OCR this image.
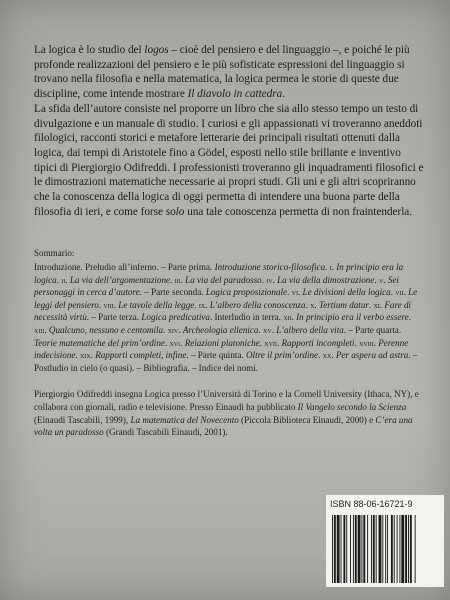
La logica è lo studio del logos – cioè del pensiero e del linguaggio –, e poiché le più profonde realizzazioni del pensiero e le più sofisticate espressioni del linguaggio si trovano nella filosofia e nella matematica, la logica permea le storie di queste due discipline, come intende mostrare Il diavolo in cattedra.

La sfida dell’autore consiste nel proporre un libro che sia allo stesso tempo un testo di divulgazione e un manuale di studio. I curiosi e gli appassionati vi troveranno aneddoti filologici, racconti storici e metafore letterarie dei principali risultati ottenuti dalla logica, dai tempi di Aristotele fino a Gödel, esposti nello stile brillante e inventivo tipici di Piergiorgio Odifreddi. I professionisti troveranno gli inquadramenti filosofici e le dimostrazioni matematiche necessarie ai propri studi. Gli uni e gli altri scopriranno che la conoscenza della logica di oggi permetta di intendere una buona parte della filosofia di ieri, e come forse solo una tale conoscenza permetta di non fraintenderla.

Sommario:

Introduzione. Preludio all’inferno. – Parte prima. Introduzione storico-filosofica. i. In principio era la logica. ii. La via dell’argomentazione. iii. La via del paradosso. iv. La via della dimostrazione. v. Sei personaggi in cerca d’autore. – Parte seconda. Logica proposizionale. vi. Le divisioni della logica. vii. Le leggi del pensiero. viii. Le tavole della legge. ix. L’albero della conoscenza. x. Tertium datur. xi. Fare di necessità virtù. – Parte terza. Logica predicativa. Interludio in terra. xii. In principio era il verbo essere. xiii. Qualcuno, nessuno e centomila. xiv. Archeologia ellenica. xv. L’albero della vita. – Parte quarta. Teorie matematiche del prim’ordine. xvi. Relazioni platoniche. xvii. Rapporti incompleti. xviii. Perenne indecisione. xix. Rapporti completi, infine. – Parte quinta. Oltre il prim’ordine. xx. Per aspera ad astra. – Postludio in cielo (o quasi). – Bibliografia. – Indice dei nomi.

Piergiorgio Odifreddi insegna Logica presso l’Università di Torino e la Cornell University (Ithaca, NY), e collabora con giornali, radio e televisione. Presso Einaudi ha pubblicato Il Vangelo secondo la Scienza (Einaudi Tascabili, 1999), La matematica del Novecento (Piccola Biblioteca Einaudi, 2000) e C’era una volta un paradosso (Grandi Tascabili Einaudi, 2001).

ISBN 88-06-16721-9
